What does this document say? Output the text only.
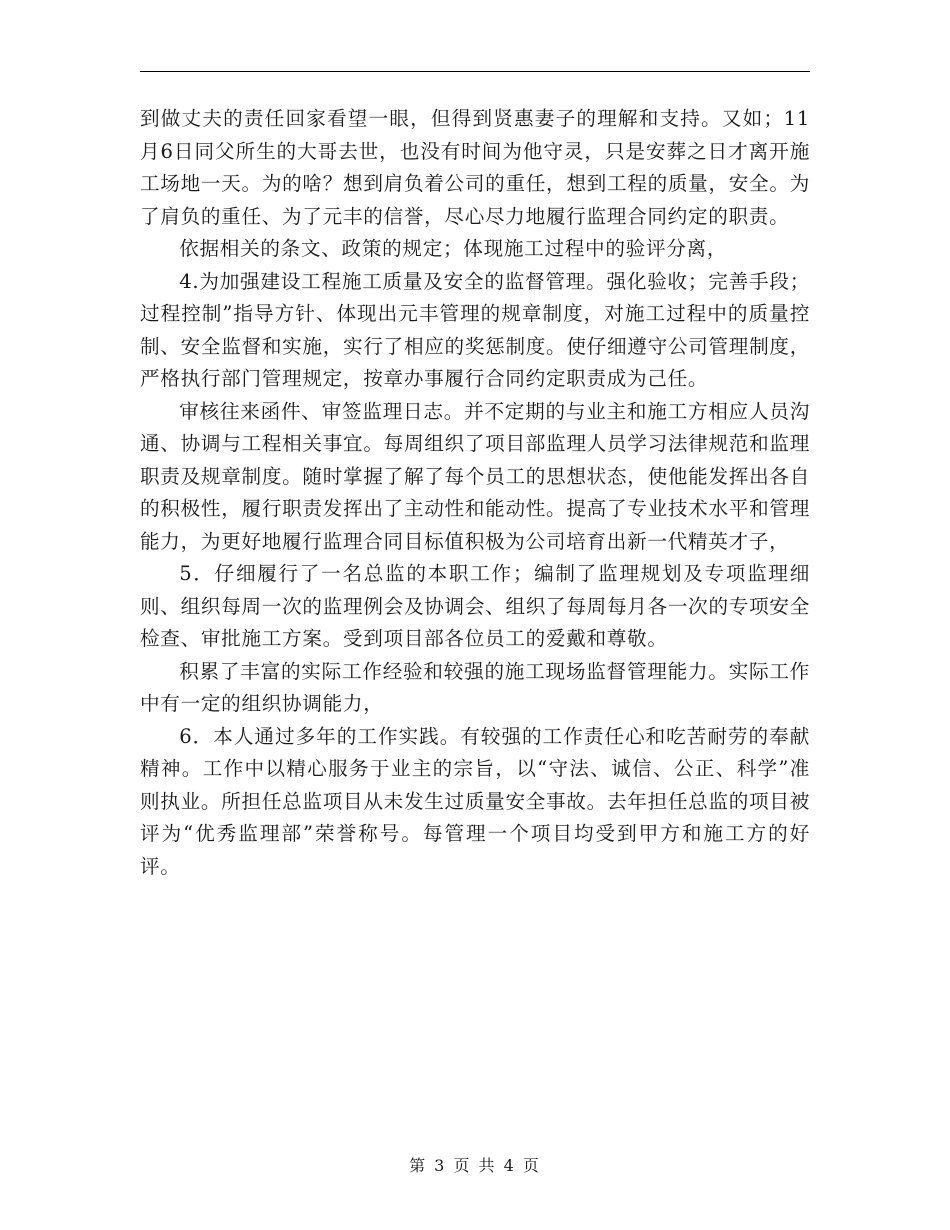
到做丈夫的责任回家看望一眼，但得到贤惠妻子的理解和支持。又如；11月6日同父所生的大哥去世，也没有时间为他守灵，只是安葬之日才离开施工场地一天。为的啥？想到肩负着公司的重任，想到工程的质量，安全。为了肩负的重任、为了元丰的信誉，尽心尽力地履行监理合同约定的职责。

依据相关的条文、政策的规定；体现施工过程中的验评分离，

4.为加强建设工程施工质量及安全的监督管理。强化验收；完善手段；过程控制”指导方针、体现出元丰管理的规章制度，对施工过程中的质量控制、安全监督和实施，实行了相应的奖惩制度。使仔细遵守公司管理制度，严格执行部门管理规定，按章办事履行合同约定职责成为己任。

审核往来函件、审签监理日志。并不定期的与业主和施工方相应人员沟通、协调与工程相关事宜。每周组织了项目部监理人员学习法律规范和监理职责及规章制度。随时掌握了解了每个员工的思想状态，使他能发挥出各自的积极性，履行职责发挥出了主动性和能动性。提高了专业技术水平和管理能力，为更好地履行监理合同目标值积极为公司培育出新一代精英才子，

5．仔细履行了一名总监的本职工作；编制了监理规划及专项监理细则、组织每周一次的监理例会及协调会、组织了每周每月各一次的专项安全检查、审批施工方案。受到项目部各位员工的爱戴和尊敬。

积累了丰富的实际工作经验和较强的施工现场监督管理能力。实际工作中有一定的组织协调能力，

6．本人通过多年的工作实践。有较强的工作责任心和吃苦耐劳的奉献精神。工作中以精心服务于业主的宗旨，以“守法、诚信、公正、科学”准则执业。所担任总监项目从未发生过质量安全事故。去年担任总监的项目被评为“优秀监理部”荣誉称号。每管理一个项目均受到甲方和施工方的好评。

第 3 页 共 4 页
